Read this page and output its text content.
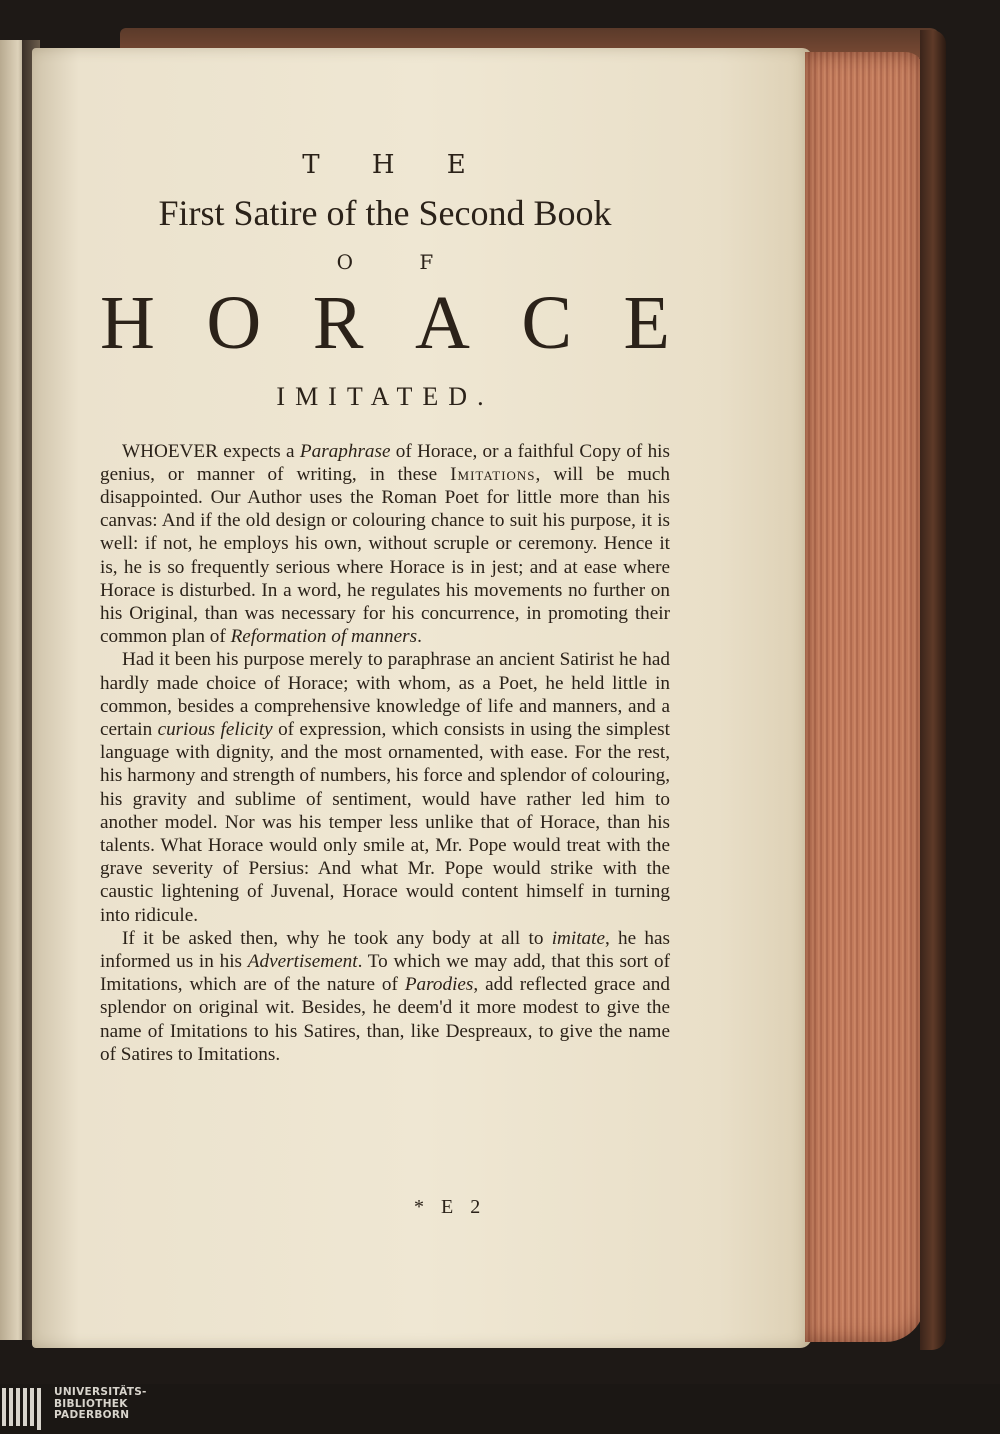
T H E
First Satire of the Second Book
O F
H O R A C E
IMITATED.

WHOEVER expects a Paraphrase of Horace, or a faithful Copy of his genius, or manner of writing, in these Imitations, will be much disappointed. Our Author uses the Roman Poet for little more than his canvas: And if the old design or colouring chance to suit his purpose, it is well: if not, he employs his own, without scruple or ceremony. Hence it is, he is so frequently serious where Horace is in jest; and at ease where Horace is disturbed. In a word, he regulates his movements no further on his Original, than was necessary for his concurrence, in promoting their common plan of Reformation of manners.

Had it been his purpose merely to paraphrase an ancient Satirist he had hardly made choice of Horace; with whom, as a Poet, he held little in common, besides a comprehensive knowledge of life and manners, and a certain curious felicity of expression, which consists in using the simplest language with dignity, and the most ornamented, with ease. For the rest, his harmony and strength of numbers, his force and splendor of colouring, his gravity and sublime of sentiment, would have rather led him to another model. Nor was his temper less unlike that of Horace, than his talents. What Horace would only smile at, Mr. Pope would treat with the grave severity of Persius: And what Mr. Pope would strike with the caustic lightening of Juvenal, Horace would content himself in turning into ridicule.

If it be asked then, why he took any body at all to imitate, he has informed us in his Advertisement. To which we may add, that this sort of Imitations, which are of the nature of Parodies, add reflected grace and splendor on original wit. Besides, he deem'd it more modest to give the name of Imitations to his Satires, than, like Despreaux, to give the name of Satires to Imitations.

* E 2
UNIVERSITÄTS-
BIBLIOTHEK
PADERBORN
